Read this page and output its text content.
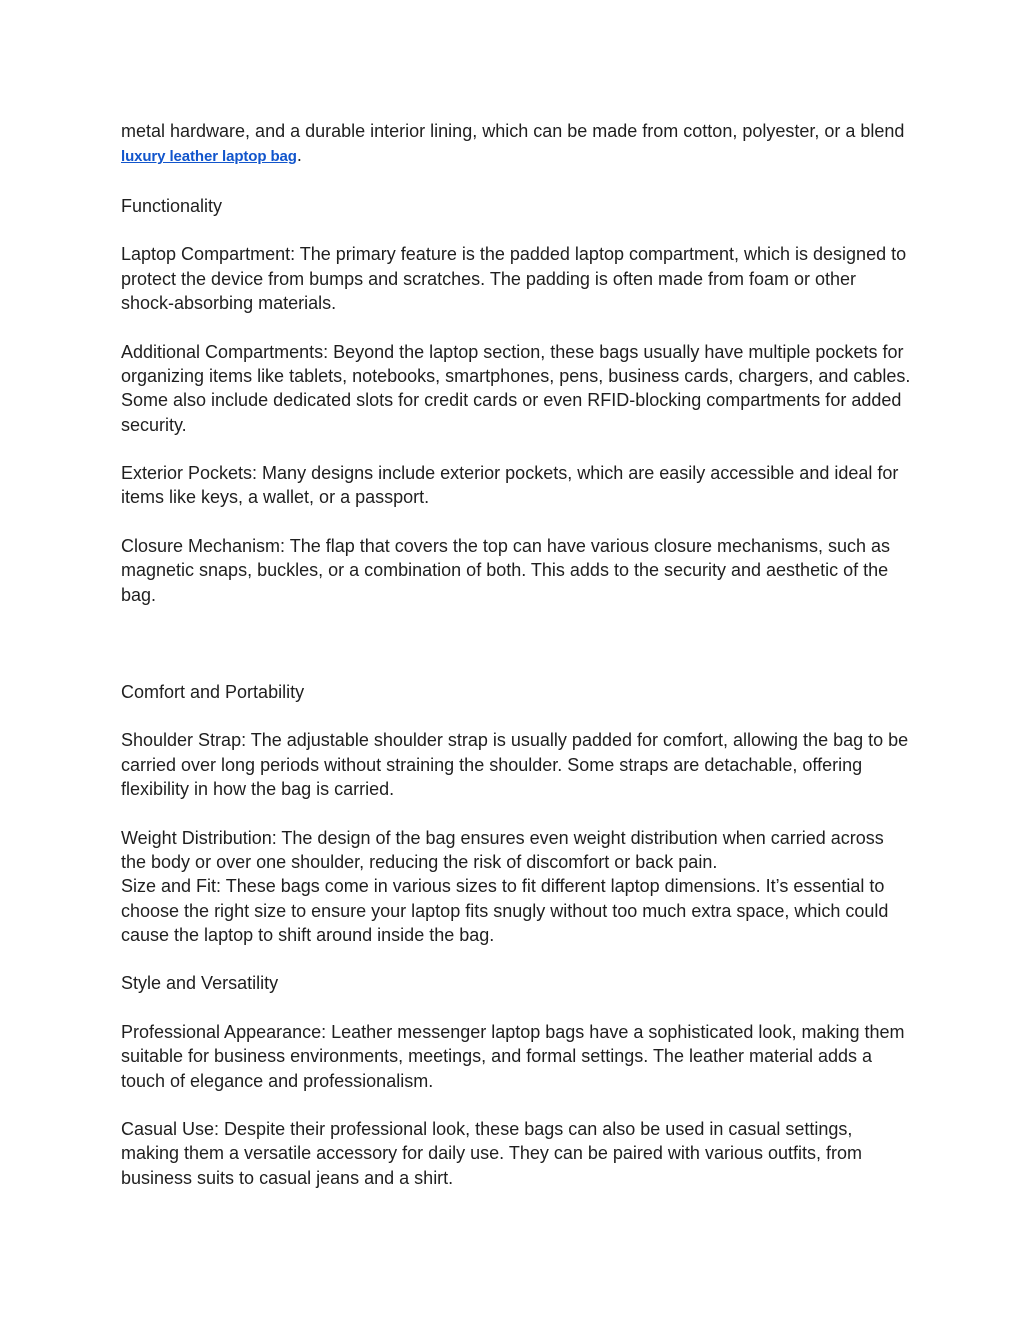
metal hardware, and a durable interior lining, which can be made from cotton, polyester, or a blend luxury leather laptop bag.

Functionality

Laptop Compartment: The primary feature is the padded laptop compartment, which is designed to protect the device from bumps and scratches. The padding is often made from foam or other shock-absorbing materials.

Additional Compartments: Beyond the laptop section, these bags usually have multiple pockets for organizing items like tablets, notebooks, smartphones, pens, business cards, chargers, and cables. Some also include dedicated slots for credit cards or even RFID-blocking compartments for added security.

Exterior Pockets: Many designs include exterior pockets, which are easily accessible and ideal for items like keys, a wallet, or a passport.

Closure Mechanism: The flap that covers the top can have various closure mechanisms, such as magnetic snaps, buckles, or a combination of both. This adds to the security and aesthetic of the bag.

Comfort and Portability

Shoulder Strap: The adjustable shoulder strap is usually padded for comfort, allowing the bag to be carried over long periods without straining the shoulder. Some straps are detachable, offering flexibility in how the bag is carried.

Weight Distribution: The design of the bag ensures even weight distribution when carried across the body or over one shoulder, reducing the risk of discomfort or back pain.

Size and Fit: These bags come in various sizes to fit different laptop dimensions. It’s essential to choose the right size to ensure your laptop fits snugly without too much extra space, which could cause the laptop to shift around inside the bag.

Style and Versatility

Professional Appearance: Leather messenger laptop bags have a sophisticated look, making them suitable for business environments, meetings, and formal settings. The leather material adds a touch of elegance and professionalism.

Casual Use: Despite their professional look, these bags can also be used in casual settings, making them a versatile accessory for daily use. They can be paired with various outfits, from business suits to casual jeans and a shirt.
